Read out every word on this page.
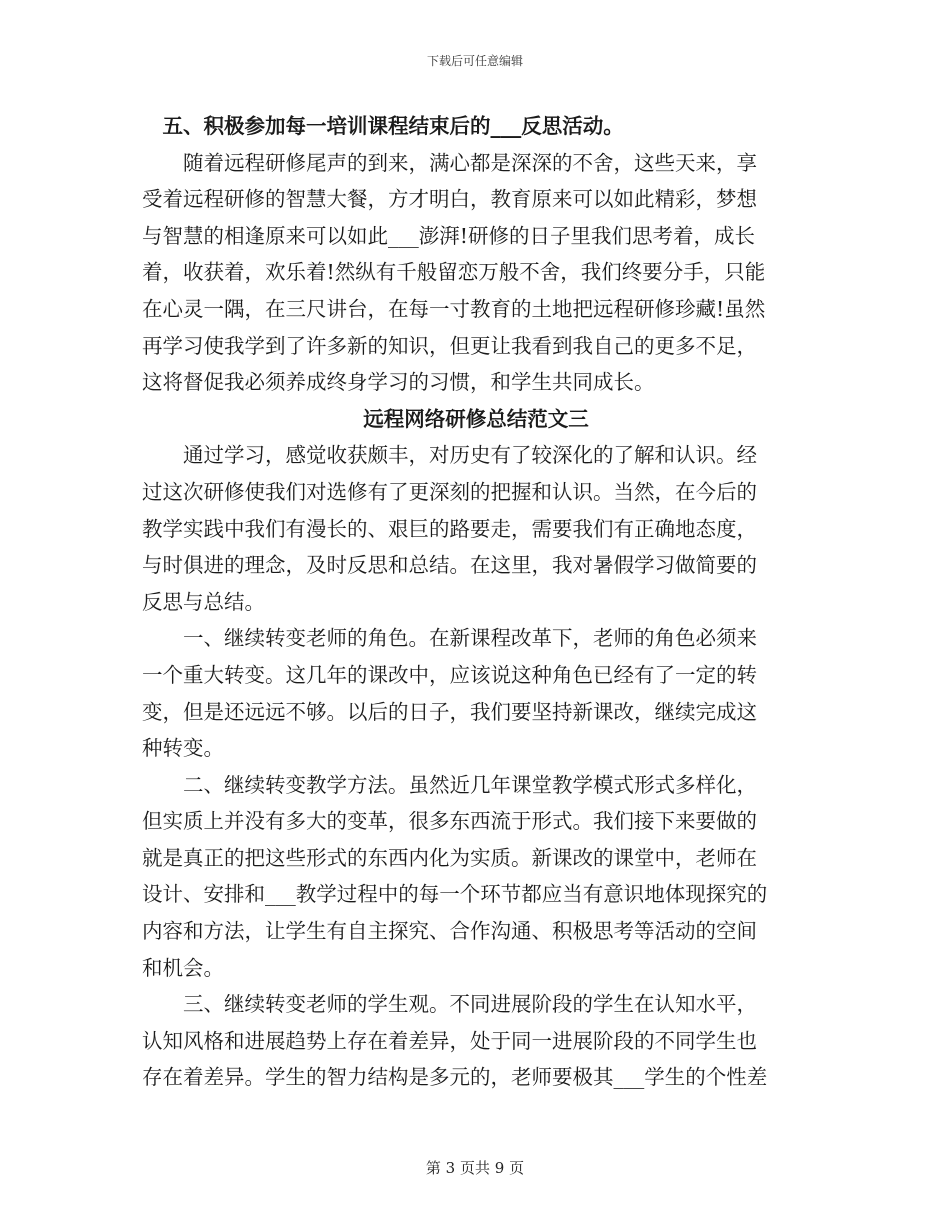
下载后可任意编辑
　五、积极参加每一培训课程结束后的___反思活动。
　　随着远程研修尾声的到来，满心都是深深的不舍，这些天来，享
受着远程研修的智慧大餐，方才明白，教育原来可以如此精彩，梦想
与智慧的相逢原来可以如此___澎湃!研修的日子里我们思考着，成长
着，收获着，欢乐着!然纵有千般留恋万般不舍，我们终要分手，只能
在心灵一隅，在三尺讲台，在每一寸教育的土地把远程研修珍藏!虽然
再学习使我学到了许多新的知识，但更让我看到我自己的更多不足，
这将督促我必须养成终身学习的习惯，和学生共同成长。
远程网络研修总结范文三
　　通过学习，感觉收获颇丰，对历史有了较深化的了解和认识。经
过这次研修使我们对选修有了更深刻的把握和认识。当然，在今后的
教学实践中我们有漫长的、艰巨的路要走，需要我们有正确地态度，
与时俱进的理念，及时反思和总结。在这里，我对暑假学习做简要的
反思与总结。
　　一、继续转变老师的角色。在新课程改革下，老师的角色必须来
一个重大转变。这几年的课改中，应该说这种角色已经有了一定的转
变，但是还远远不够。以后的日子，我们要坚持新课改，继续完成这
种转变。
　　二、继续转变教学方法。虽然近几年课堂教学模式形式多样化，
但实质上并没有多大的变革，很多东西流于形式。我们接下来要做的
就是真正的把这些形式的东西内化为实质。新课改的课堂中，老师在
设计、安排和___教学过程中的每一个环节都应当有意识地体现探究的
内容和方法，让学生有自主探究、合作沟通、积极思考等活动的空间
和机会。
　　三、继续转变老师的学生观。不同进展阶段的学生在认知水平，
认知风格和进展趋势上存在着差异，处于同一进展阶段的不同学生也
存在着差异。学生的智力结构是多元的，老师要极其___学生的个性差
第 3 页共 9 页
